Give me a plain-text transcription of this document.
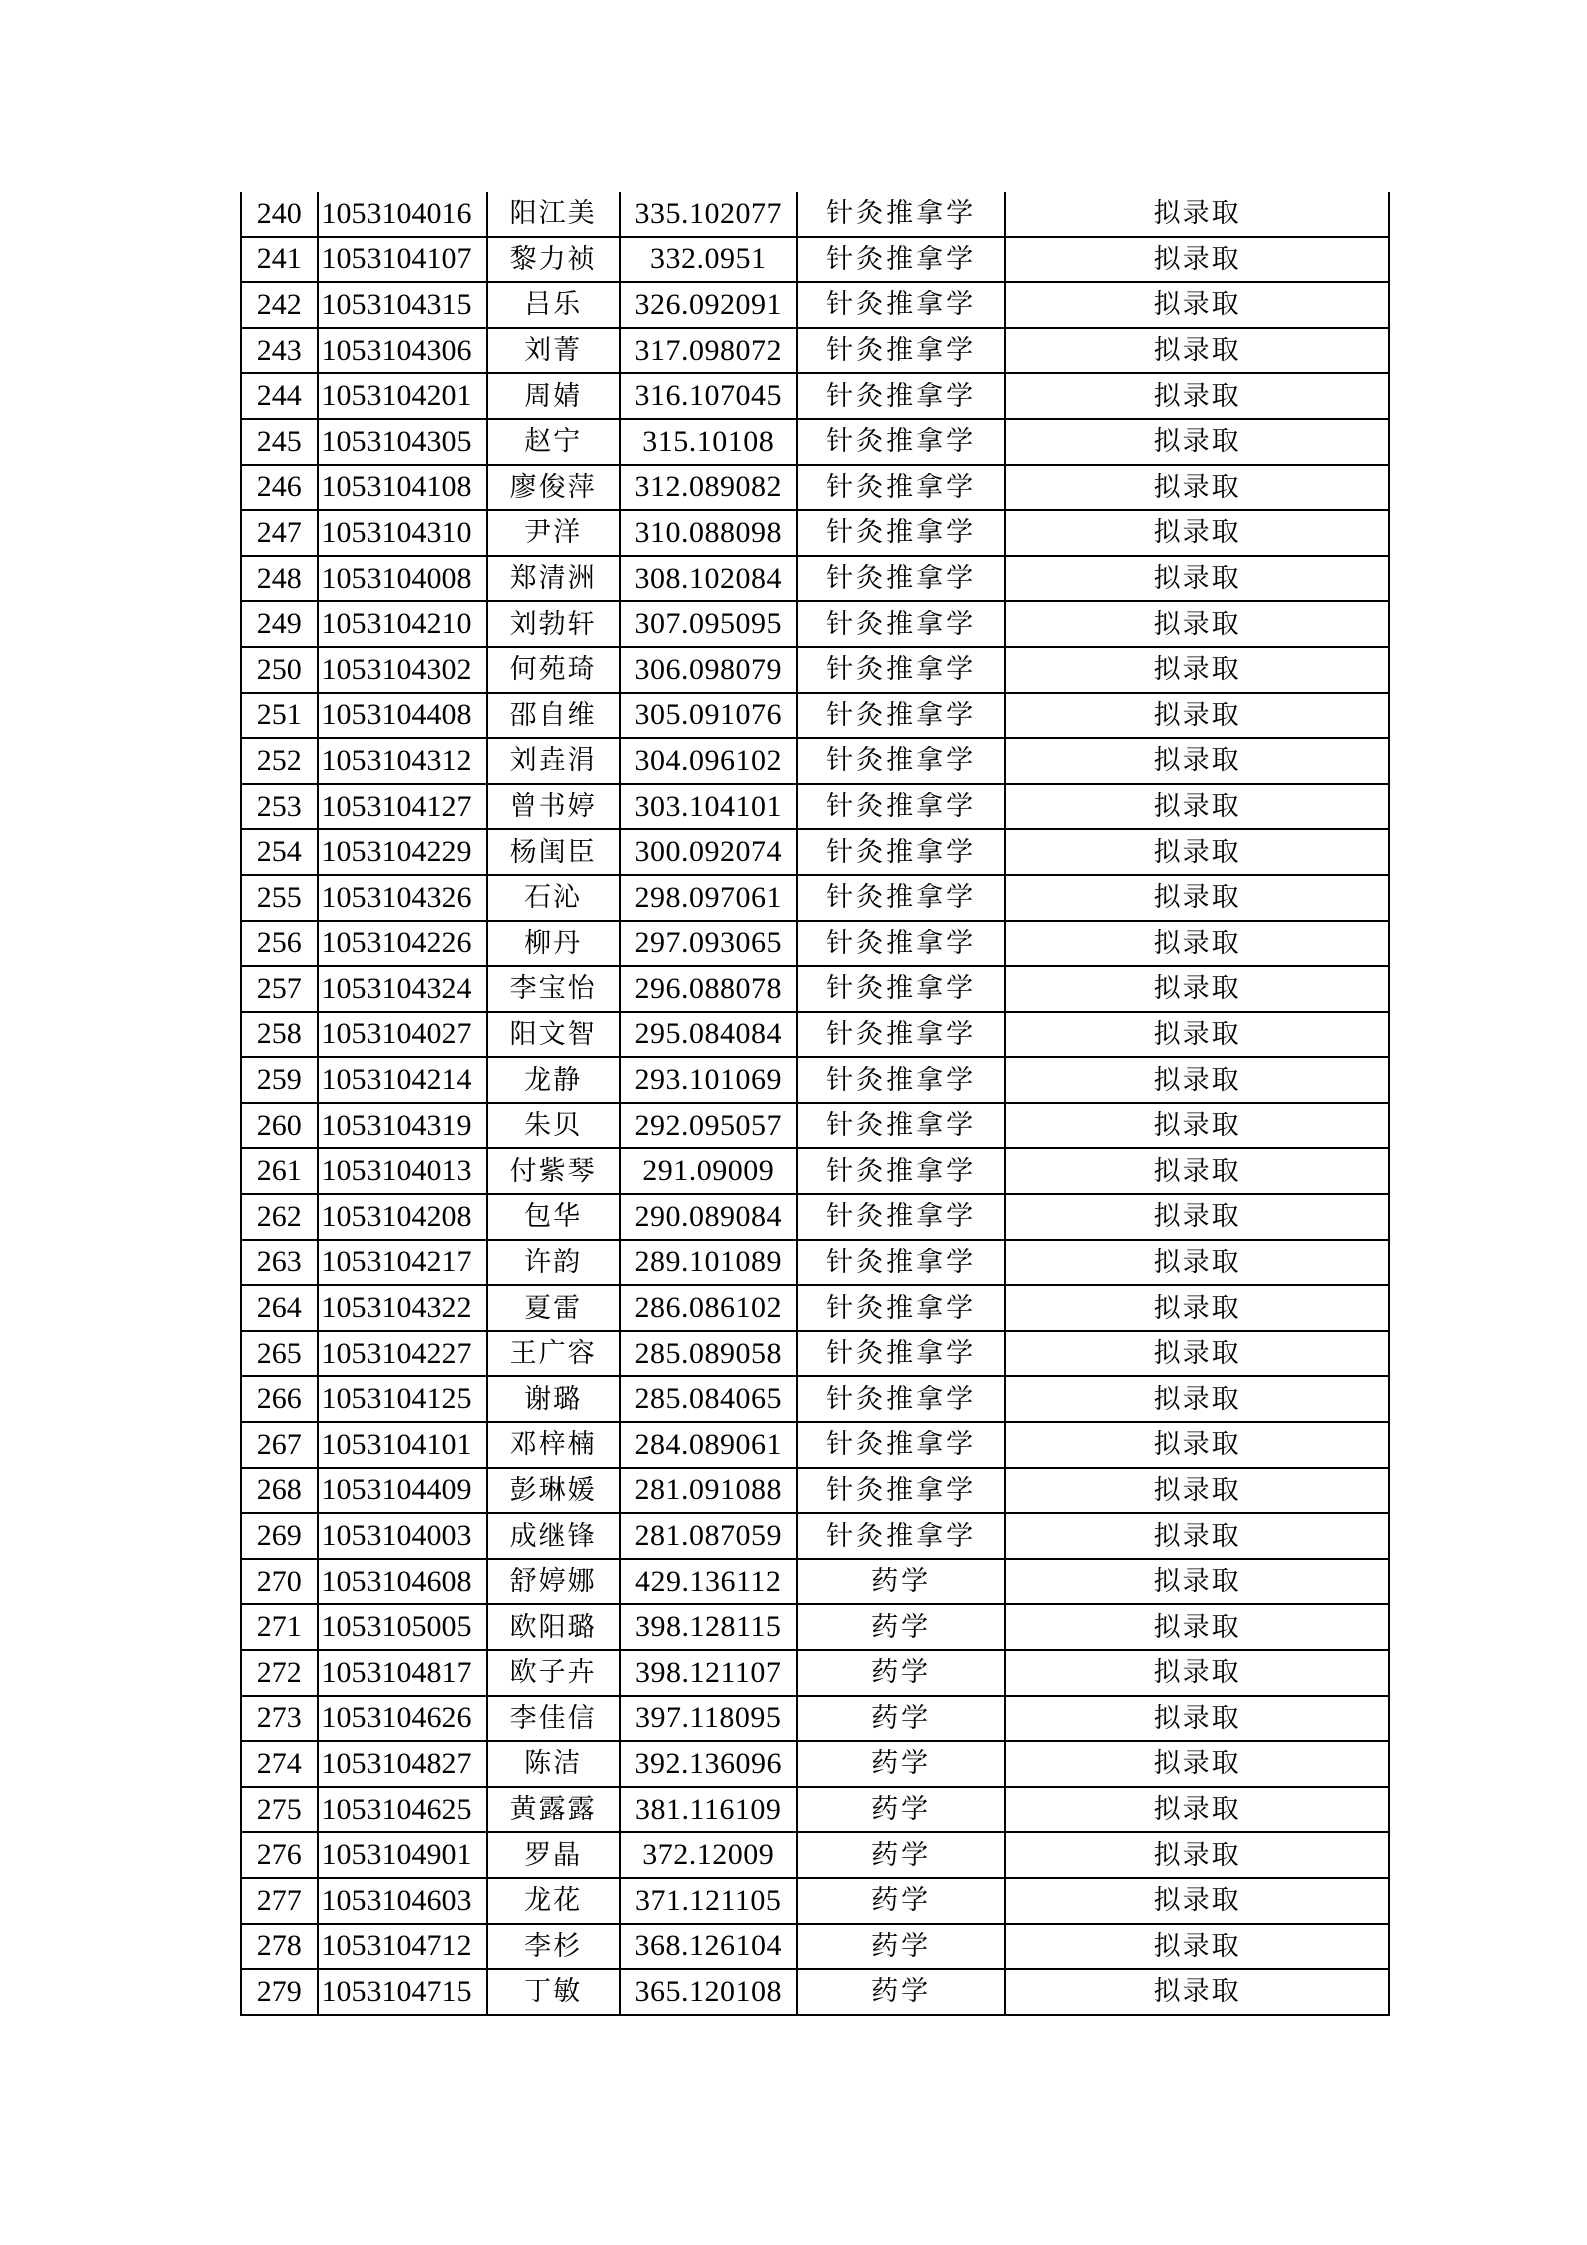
240	1053104016	阳江美	335.102077	针灸推拿学	拟录取
241	1053104107	黎力祯	332.0951	针灸推拿学	拟录取
242	1053104315	吕乐	326.092091	针灸推拿学	拟录取
243	1053104306	刘菁	317.098072	针灸推拿学	拟录取
244	1053104201	周婧	316.107045	针灸推拿学	拟录取
245	1053104305	赵宁	315.10108	针灸推拿学	拟录取
246	1053104108	廖俊萍	312.089082	针灸推拿学	拟录取
247	1053104310	尹洋	310.088098	针灸推拿学	拟录取
248	1053104008	郑清洲	308.102084	针灸推拿学	拟录取
249	1053104210	刘勃轩	307.095095	针灸推拿学	拟录取
250	1053104302	何苑琦	306.098079	针灸推拿学	拟录取
251	1053104408	邵自维	305.091076	针灸推拿学	拟录取
252	1053104312	刘垚涓	304.096102	针灸推拿学	拟录取
253	1053104127	曾书婷	303.104101	针灸推拿学	拟录取
254	1053104229	杨闺臣	300.092074	针灸推拿学	拟录取
255	1053104326	石沁	298.097061	针灸推拿学	拟录取
256	1053104226	柳丹	297.093065	针灸推拿学	拟录取
257	1053104324	李宝怡	296.088078	针灸推拿学	拟录取
258	1053104027	阳文智	295.084084	针灸推拿学	拟录取
259	1053104214	龙静	293.101069	针灸推拿学	拟录取
260	1053104319	朱贝	292.095057	针灸推拿学	拟录取
261	1053104013	付紫琴	291.09009	针灸推拿学	拟录取
262	1053104208	包华	290.089084	针灸推拿学	拟录取
263	1053104217	许韵	289.101089	针灸推拿学	拟录取
264	1053104322	夏雷	286.086102	针灸推拿学	拟录取
265	1053104227	王广容	285.089058	针灸推拿学	拟录取
266	1053104125	谢璐	285.084065	针灸推拿学	拟录取
267	1053104101	邓梓楠	284.089061	针灸推拿学	拟录取
268	1053104409	彭琳媛	281.091088	针灸推拿学	拟录取
269	1053104003	成继锋	281.087059	针灸推拿学	拟录取
270	1053104608	舒婷娜	429.136112	药学	拟录取
271	1053105005	欧阳璐	398.128115	药学	拟录取
272	1053104817	欧子卉	398.121107	药学	拟录取
273	1053104626	李佳信	397.118095	药学	拟录取
274	1053104827	陈洁	392.136096	药学	拟录取
275	1053104625	黄露露	381.116109	药学	拟录取
276	1053104901	罗晶	372.12009	药学	拟录取
277	1053104603	龙花	371.121105	药学	拟录取
278	1053104712	李杉	368.126104	药学	拟录取
279	1053104715	丁敏	365.120108	药学	拟录取
